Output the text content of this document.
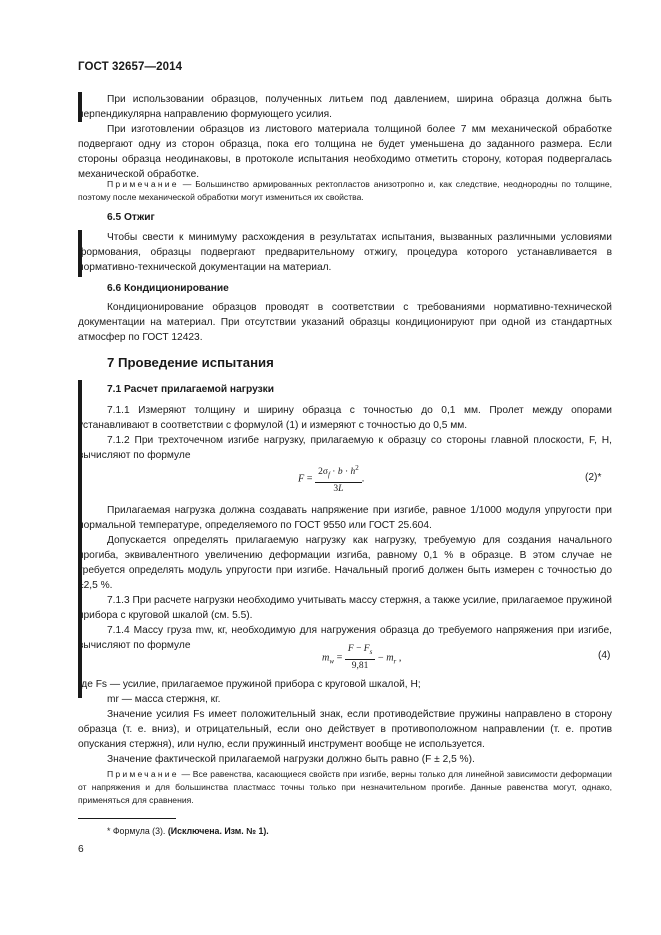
ГОСТ 32657—2014

При использовании образцов, полученных литьем под давлением, ширина образца должна быть перпендикулярна направлению формующего усилия.

При изготовлении образцов из листового материала толщиной более 7 мм механической обработке подвергают одну из сторон образца, пока его толщина не будет уменьшена до заданного размера. Если стороны образца неодинаковы, в протоколе испытания необходимо отметить сторону, которая подвергалась механической обработке.

Примечание — Большинство армированных ректопластов анизотропно и, как следствие, неоднородны по толщине, поэтому после механической обработки могут измениться их свойства.

6.5 Отжиг

Чтобы свести к минимуму расхождения в результатах испытания, вызванных различными условиями формования, образцы подвергают предварительному отжигу, процедура которого устанавливается в нормативно-технической документации на материал.

6.6 Кондиционирование

Кондиционирование образцов проводят в соответствии с требованиями нормативно-технической документации на материал. При отсутствии указаний образцы кондиционируют при одной из стандартных атмосфер по ГОСТ 12423.

7 Проведение испытания
7.1 Расчет прилагаемой нагрузки

7.1.1 Измеряют толщину и ширину образца с точностью до 0,1 мм. Пролет между опорами устанавливают в соответствии с формулой (1) и измеряют с точностью до 0,5 мм.

7.1.2 При трехточечном изгибе нагрузку, прилагаемую к образцу со стороны главной плоскости, F, Н, вычисляют по формуле

$F = \frac{2\sigma_f \cdot b \cdot h^2}{3L}$ .	(2)*

Прилагаемая нагрузка должна создавать напряжение при изгибе, равное 1/1000 модуля упругости при нормальной температуре, определяемого по ГОСТ 9550 или ГОСТ 25.604.

Допускается определять прилагаемую нагрузку как нагрузку, требуемую для создания начального прогиба, эквивалентного увеличению деформации изгиба, равному 0,1 % в образце. В этом случае не требуется определять модуль упругости при изгибе. Начальный прогиб должен быть измерен с точностью до ±2,5 %.

7.1.3 При расчете нагрузки необходимо учитывать массу стержня, а также усилие, прилагаемое пружиной прибора с круговой шкалой (см. 5.5).

7.1.4 Массу груза mw, кг, необходимую для нагружения образца до требуемого напряжения при изгибе, вычисляют по формуле

$m_w = \frac{F - F_s}{9,81} - m_r$ ,	(4)

где Fs — усилие, прилагаемое пружиной прибора с круговой шкалой, Н;

mr — масса стержня, кг.

Значение усилия Fs имеет положительный знак, если противодействие пружины направлено в сторону образца (т. е. вниз), и отрицательный, если оно действует в противоположном направлении (т. е. против опускания стержня), или нулю, если пружинный инструмент вообще не используется.

Значение фактической прилагаемой нагрузки должно быть равно (F ± 2,5 %).

Примечание — Все равенства, касающиеся свойств при изгибе, верны только для линейной зависимости деформации от напряжения и для большинства пластмасс точны только при незначительном прогибе. Данные равенства могут, однако, применяться для сравнения.

* Формула (3). (Исключена. Изм. № 1).
6
